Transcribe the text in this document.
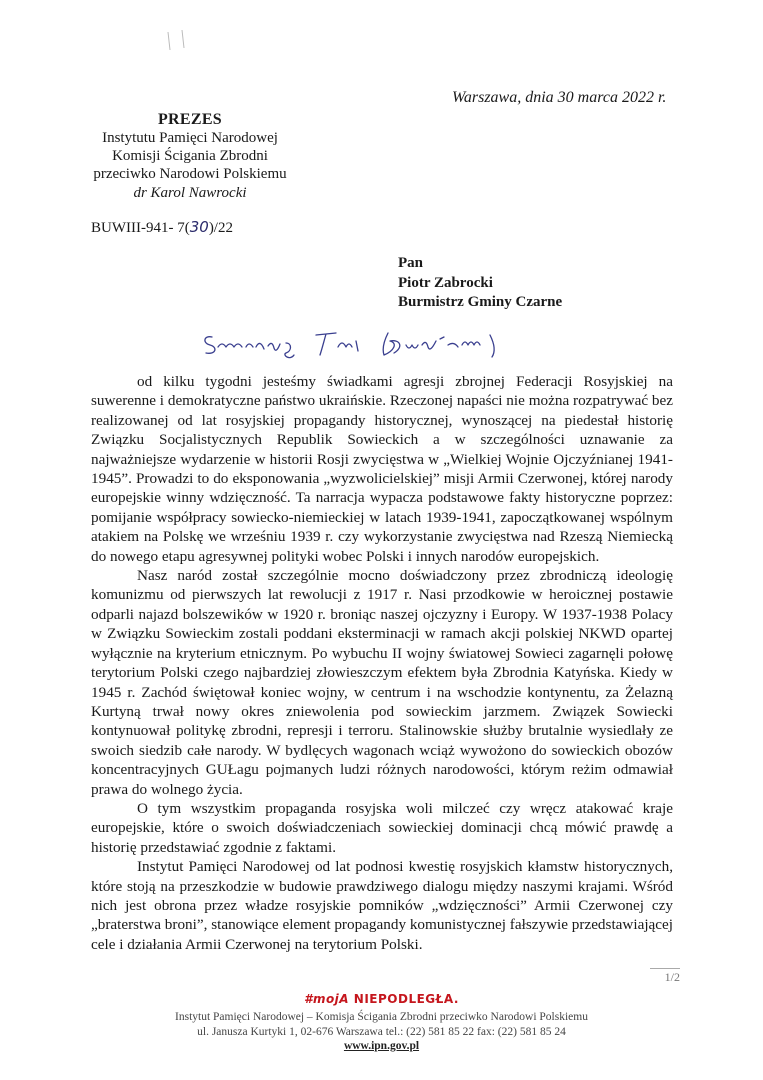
Warszawa, dnia 30 marca 2022 r.
PREZES
Instytutu Pamięci Narodowej
Komisji Ścigania Zbrodni
przeciwko Narodowi Polskiemu
dr Karol Nawrocki
BUWIII-941- 7(30)/22
Pan
Piotr Zabrocki
Burmistrz Gminy Czarne

od kilku tygodni jesteśmy świadkami agresji zbrojnej Federacji Rosyjskiej na suwerenne i demokratyczne państwo ukraińskie. Rzeczonej napaści nie można rozpatrywać bez realizowanej od lat rosyjskiej propagandy historycznej, wynoszącej na piedestał historię Związku Socjalistycznych Republik Sowieckich a w szczególności uznawanie za najważniejsze wydarzenie w historii Rosji zwycięstwa w „Wielkiej Wojnie Ojczyźnianej 1941-1945”. Prowadzi to do eksponowania „wyzwolicielskiej” misji Armii Czerwonej, której narody europejskie winny wdzięczność. Ta narracja wypacza podstawowe fakty historyczne poprzez: pomijanie współpracy sowiecko-niemieckiej w latach 1939-1941, zapoczątkowanej wspólnym atakiem na Polskę we wrześniu 1939 r. czy wykorzystanie zwycięstwa nad Rzeszą Niemiecką do nowego etapu agresywnej polityki wobec Polski i innych narodów europejskich.

Nasz naród został szczególnie mocno doświadczony przez zbrodniczą ideologię komunizmu od pierwszych lat rewolucji z 1917 r. Nasi przodkowie w heroicznej postawie odparli najazd bolszewików w 1920 r. broniąc naszej ojczyzny i Europy. W 1937-1938 Polacy w Związku Sowieckim zostali poddani eksterminacji w ramach akcji polskiej NKWD opartej wyłącznie na kryterium etnicznym. Po wybuchu II wojny światowej Sowieci zagarnęli połowę terytorium Polski czego najbardziej złowieszczym efektem była Zbrodnia Katyńska. Kiedy w 1945 r. Zachód świętował koniec wojny, w centrum i na wschodzie kontynentu, za Żelazną Kurtyną trwał nowy okres zniewolenia pod sowieckim jarzmem. Związek Sowiecki kontynuował politykę zbrodni, represji i terroru. Stalinowskie służby brutalnie wysiedlały ze swoich siedzib całe narody. W bydlęcych wagonach wciąż wywożono do sowieckich obozów koncentracyjnych GUŁagu pojmanych ludzi różnych narodowości, którym reżim odmawiał prawa do wolnego życia.

O tym wszystkim propaganda rosyjska woli milczeć czy wręcz atakować kraje europejskie, które o swoich doświadczeniach sowieckiej dominacji chcą mówić prawdę a historię przedstawiać zgodnie z faktami.

Instytut Pamięci Narodowej od lat podnosi kwestię rosyjskich kłamstw historycznych, które stoją na przeszkodzie w budowie prawdziwego dialogu między naszymi krajami. Wśród nich jest obrona przez władze rosyjskie pomników „wdzięczności” Armii Czerwonej czy „braterstwa broni”, stanowiące element propagandy komunistycznej fałszywie przedstawiającej cele i działania Armii Czerwonej na terytorium Polski.

1/2
#mojA NIEPODLEGŁA.
Instytut Pamięci Narodowej – Komisja Ścigania Zbrodni przeciwko Narodowi Polskiemu
ul. Janusza Kurtyki 1, 02-676 Warszawa tel.: (22) 581 85 22 fax: (22) 581 85 24
www.ipn.gov.pl
